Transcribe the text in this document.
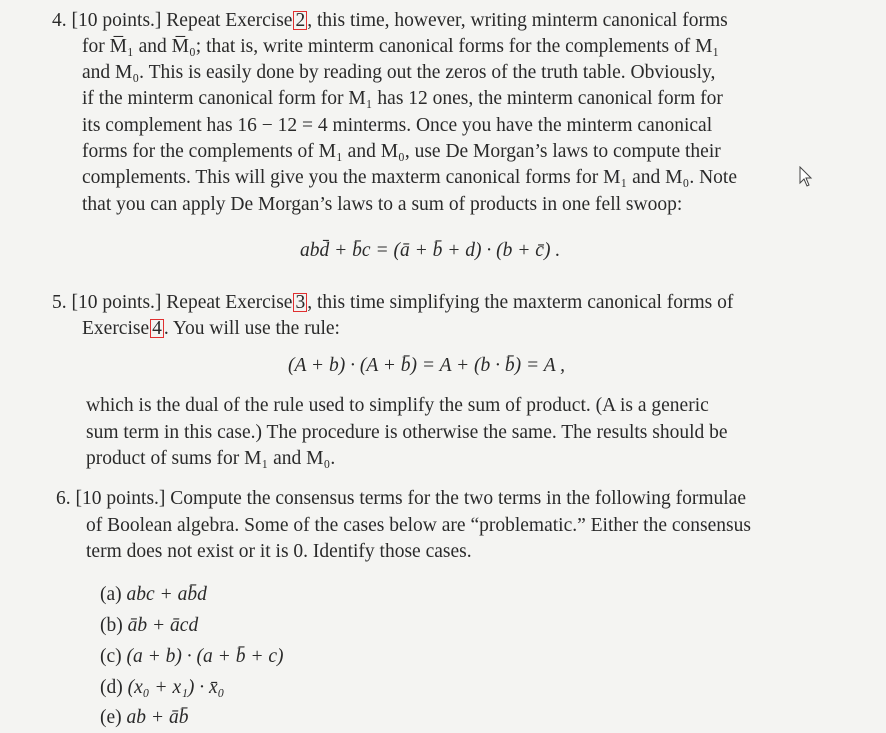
4. [10 points.] Repeat Exercise 2 , this time, however, writing minterm canonical forms
for M̅₁ and M̅₀; that is, write minterm canonical forms for the complements of M₁
and M₀. This is easily done by reading out the zeros of the truth table. Obviously,
if the minterm canonical form for M₁ has 12 ones, the minterm canonical form for
its complement has 16 − 12 = 4 minterms. Once you have the minterm canonical
forms for the complements of M₁ and M₀, use De Morgan’s laws to compute their
complements. This will give you the maxterm canonical forms for M₁ and M₀. Note
that you can apply De Morgan’s laws to a sum of products in one fell swoop:
abd̄ + b̄c = (ā + b̄ + d) · (b + c̄) .
5. [10 points.] Repeat Exercise 3 , this time simplifying the maxterm canonical forms of
Exercise 4 . You will use the rule:
(A + b) · (A + b̄) = A + (b · b̄) = A ,
which is the dual of the rule used to simplify the sum of product. (A is a generic
sum term in this case.) The procedure is otherwise the same. The results should be
product of sums for M₁ and M₀.
6. [10 points.] Compute the consensus terms for the two terms in the following formulae
of Boolean algebra. Some of the cases below are “problematic.” Either the consensus
term does not exist or it is 0. Identify those cases.
(a) abc + ab̄d
(b) āb + ācd
(c) (a + b) · (a + b̄ + c)
(d) (x₀ + x₁) · x̄₀
(e) ab + āb̄
